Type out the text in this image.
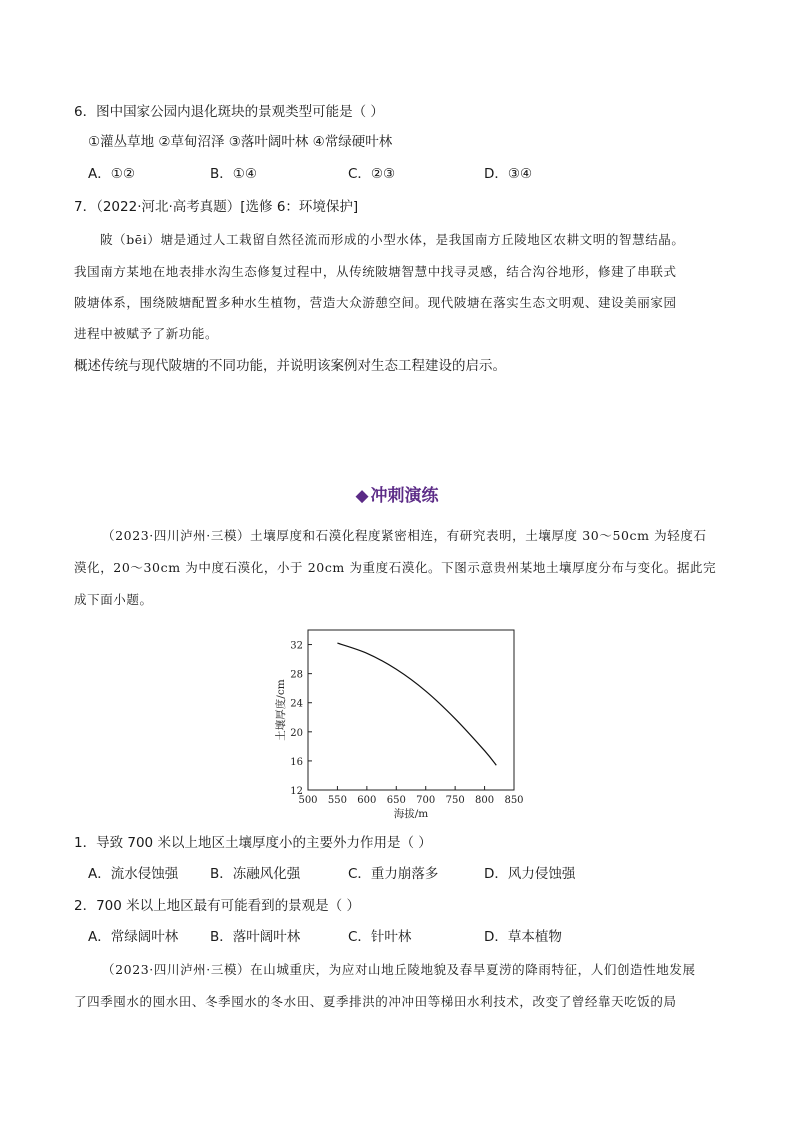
6．图中国家公园内退化斑块的景观类型可能是（ ）
①灌丛草地 ②草甸沼泽 ③落叶阔叶林 ④常绿硬叶林
A．①②	B．①④	C．②③	D．③④
7．（2022·河北·高考真题）[选修 6：环境保护]
陂（bēi）塘是通过人工栽留自然径流而形成的小型水体，是我国南方丘陵地区农耕文明的智慧结晶。
我国南方某地在地表排水沟生态修复过程中，从传统陂塘智慧中找寻灵感，结合沟谷地形，修建了串联式
陂塘体系，围绕陂塘配置多种水生植物，营造大众游憩空间。现代陂塘在落实生态文明观、建设美丽家园
进程中被赋予了新功能。
概述传统与现代陂塘的不同功能，并说明该案例对生态工程建设的启示。
◆ 冲刺演练
（2023·四川泸州·三模）土壤厚度和石漠化程度紧密相连，有研究表明，土壤厚度 30～50cm 为轻度石
漠化，20～30cm 为中度石漠化，小于 20cm 为重度石漠化。下图示意贵州某地土壤厚度分布与变化。据此完
成下面小题。
12
16
20
24
28
32
500 550 600 650 700 750 800 850
海拔/m
土壤厚度/cm
1．导致 700 米以上地区土壤厚度小的主要外力作用是（ ）
A．流水侵蚀强 B．冻融风化强	C．重力崩落多	D．风力侵蚀强
2．700 米以上地区最有可能看到的景观是（ ）
A．常绿阔叶林 B．落叶阔叶林	C．针叶林	D．草本植物
（2023·四川泸州·三模）在山城重庆，为应对山地丘陵地貌及春旱夏涝的降雨特征，人们创造性地发展
了四季囤水的囤水田、冬季囤水的冬水田、夏季排洪的冲冲田等梯田水利技术，改变了曾经靠天吃饭的局
